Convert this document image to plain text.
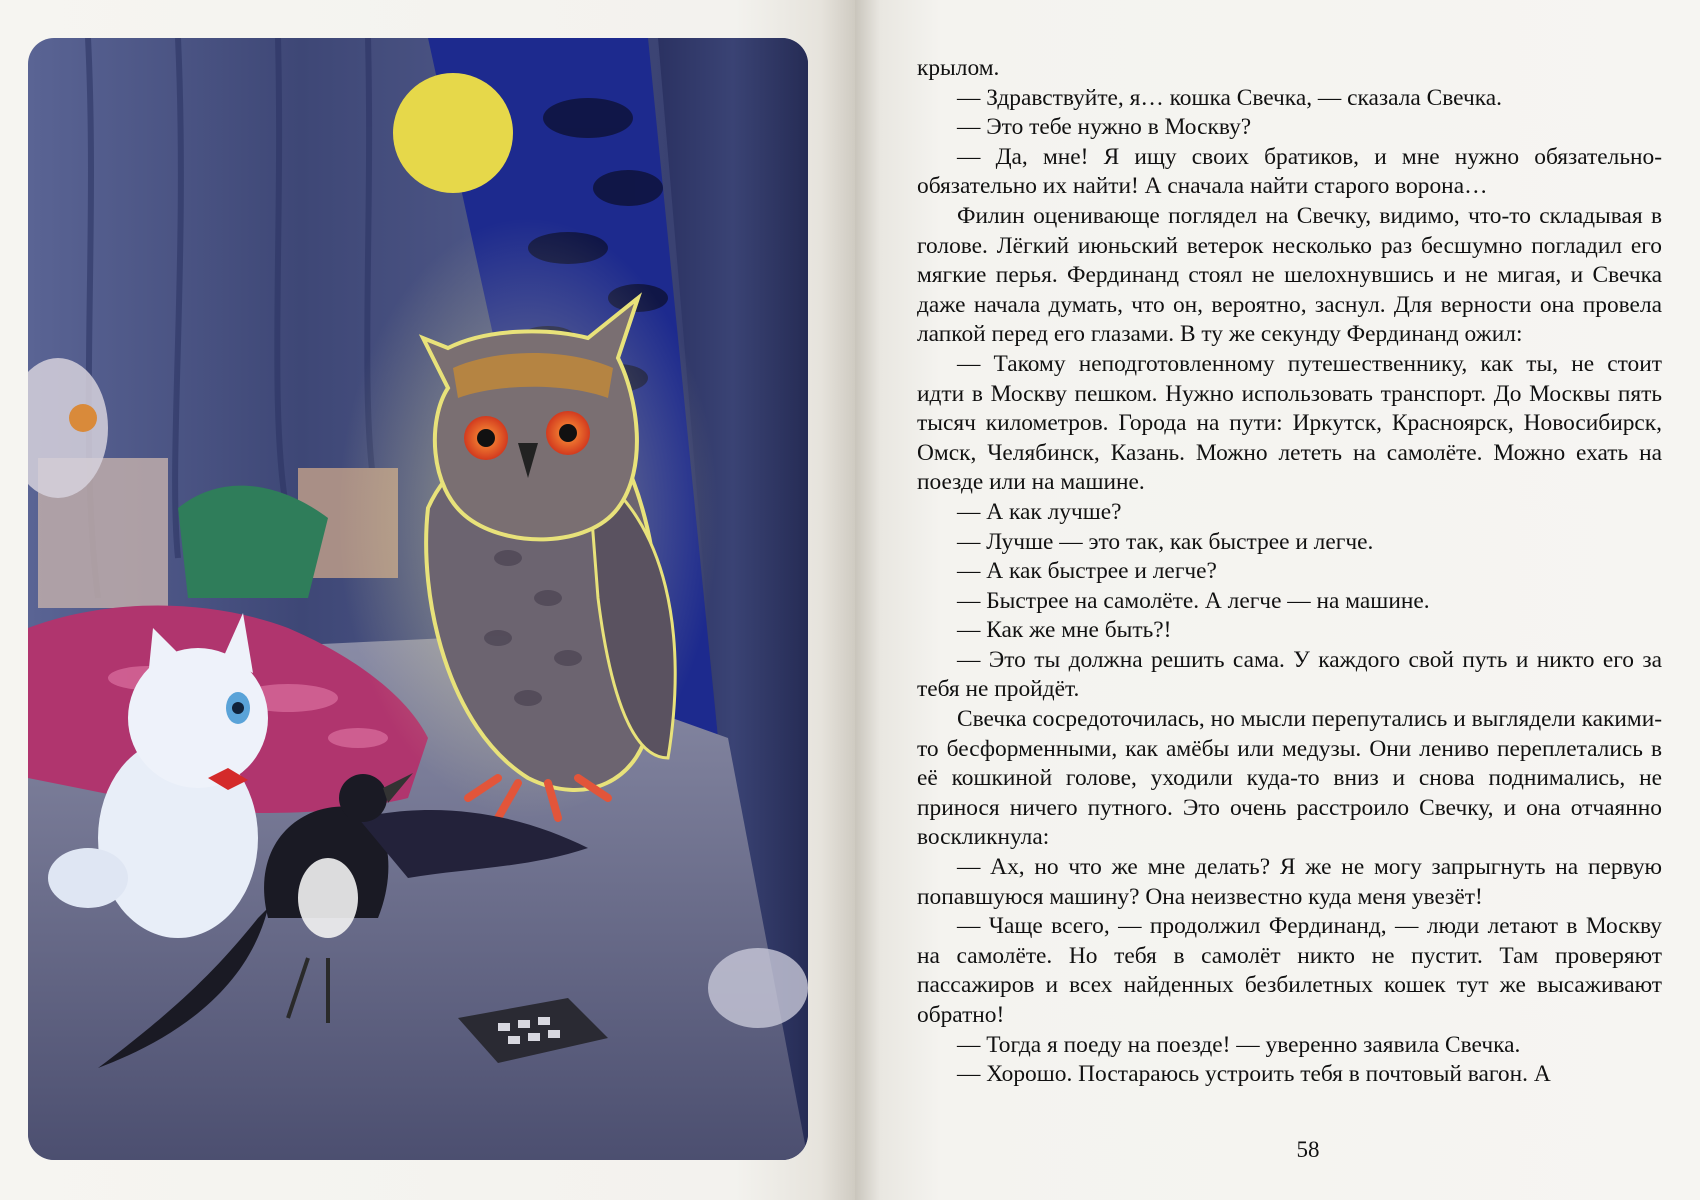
крылом.

— Здравствуйте, я… кошка Свечка, — сказала Свечка.

— Это тебе нужно в Москву?

— Да, мне! Я ищу своих братиков, и мне нужно обязательно-обязательно их найти! А сначала найти старого ворона…

Филин оценивающе поглядел на Свечку, видимо, что-то складывая в голове. Лёгкий июньский ветерок несколько раз бесшумно погладил его мягкие перья. Фердинанд стоял не шелохнувшись и не мигая, и Свечка даже начала думать, что он, вероятно, заснул. Для верности она провела лапкой перед его глазами. В ту же секунду Фердинанд ожил:

— Такому неподготовленному путешественнику, как ты, не стоит идти в Москву пешком. Нужно использовать транспорт. До Москвы пять тысяч километров. Города на пути: Иркутск, Красноярск, Новосибирск, Омск, Челябинск, Казань. Можно лететь на самолёте. Можно ехать на поезде или на машине.

— А как лучше?

— Лучше — это так, как быстрее и легче.

— А как быстрее и легче?

— Быстрее на самолёте. А легче — на машине.

— Как же мне быть?!

— Это ты должна решить сама. У каждого свой путь и никто его за тебя не пройдёт.

Свечка сосредоточилась, но мысли перепутались и выглядели какими-то бесформенными, как амёбы или медузы. Они лениво переплетались в её кошкиной голове, уходили куда-то вниз и снова поднимались, не принося ничего путного. Это очень расстроило Свечку, и она отчаянно воскликнула:

— Ах, но что же мне делать? Я же не могу запрыгнуть на первую попавшуюся машину? Она неизвестно куда меня увезёт!

— Чаще всего, — продолжил Фердинанд, — люди летают в Москву на самолёте. Но тебя в самолёт никто не пустит. Там проверяют пассажиров и всех найденных безбилетных кошек тут же высаживают обратно!

— Тогда я поеду на поезде! — уверенно заявила Свечка.

— Хорошо. Постараюсь устроить тебя в почтовый вагон. А

58
